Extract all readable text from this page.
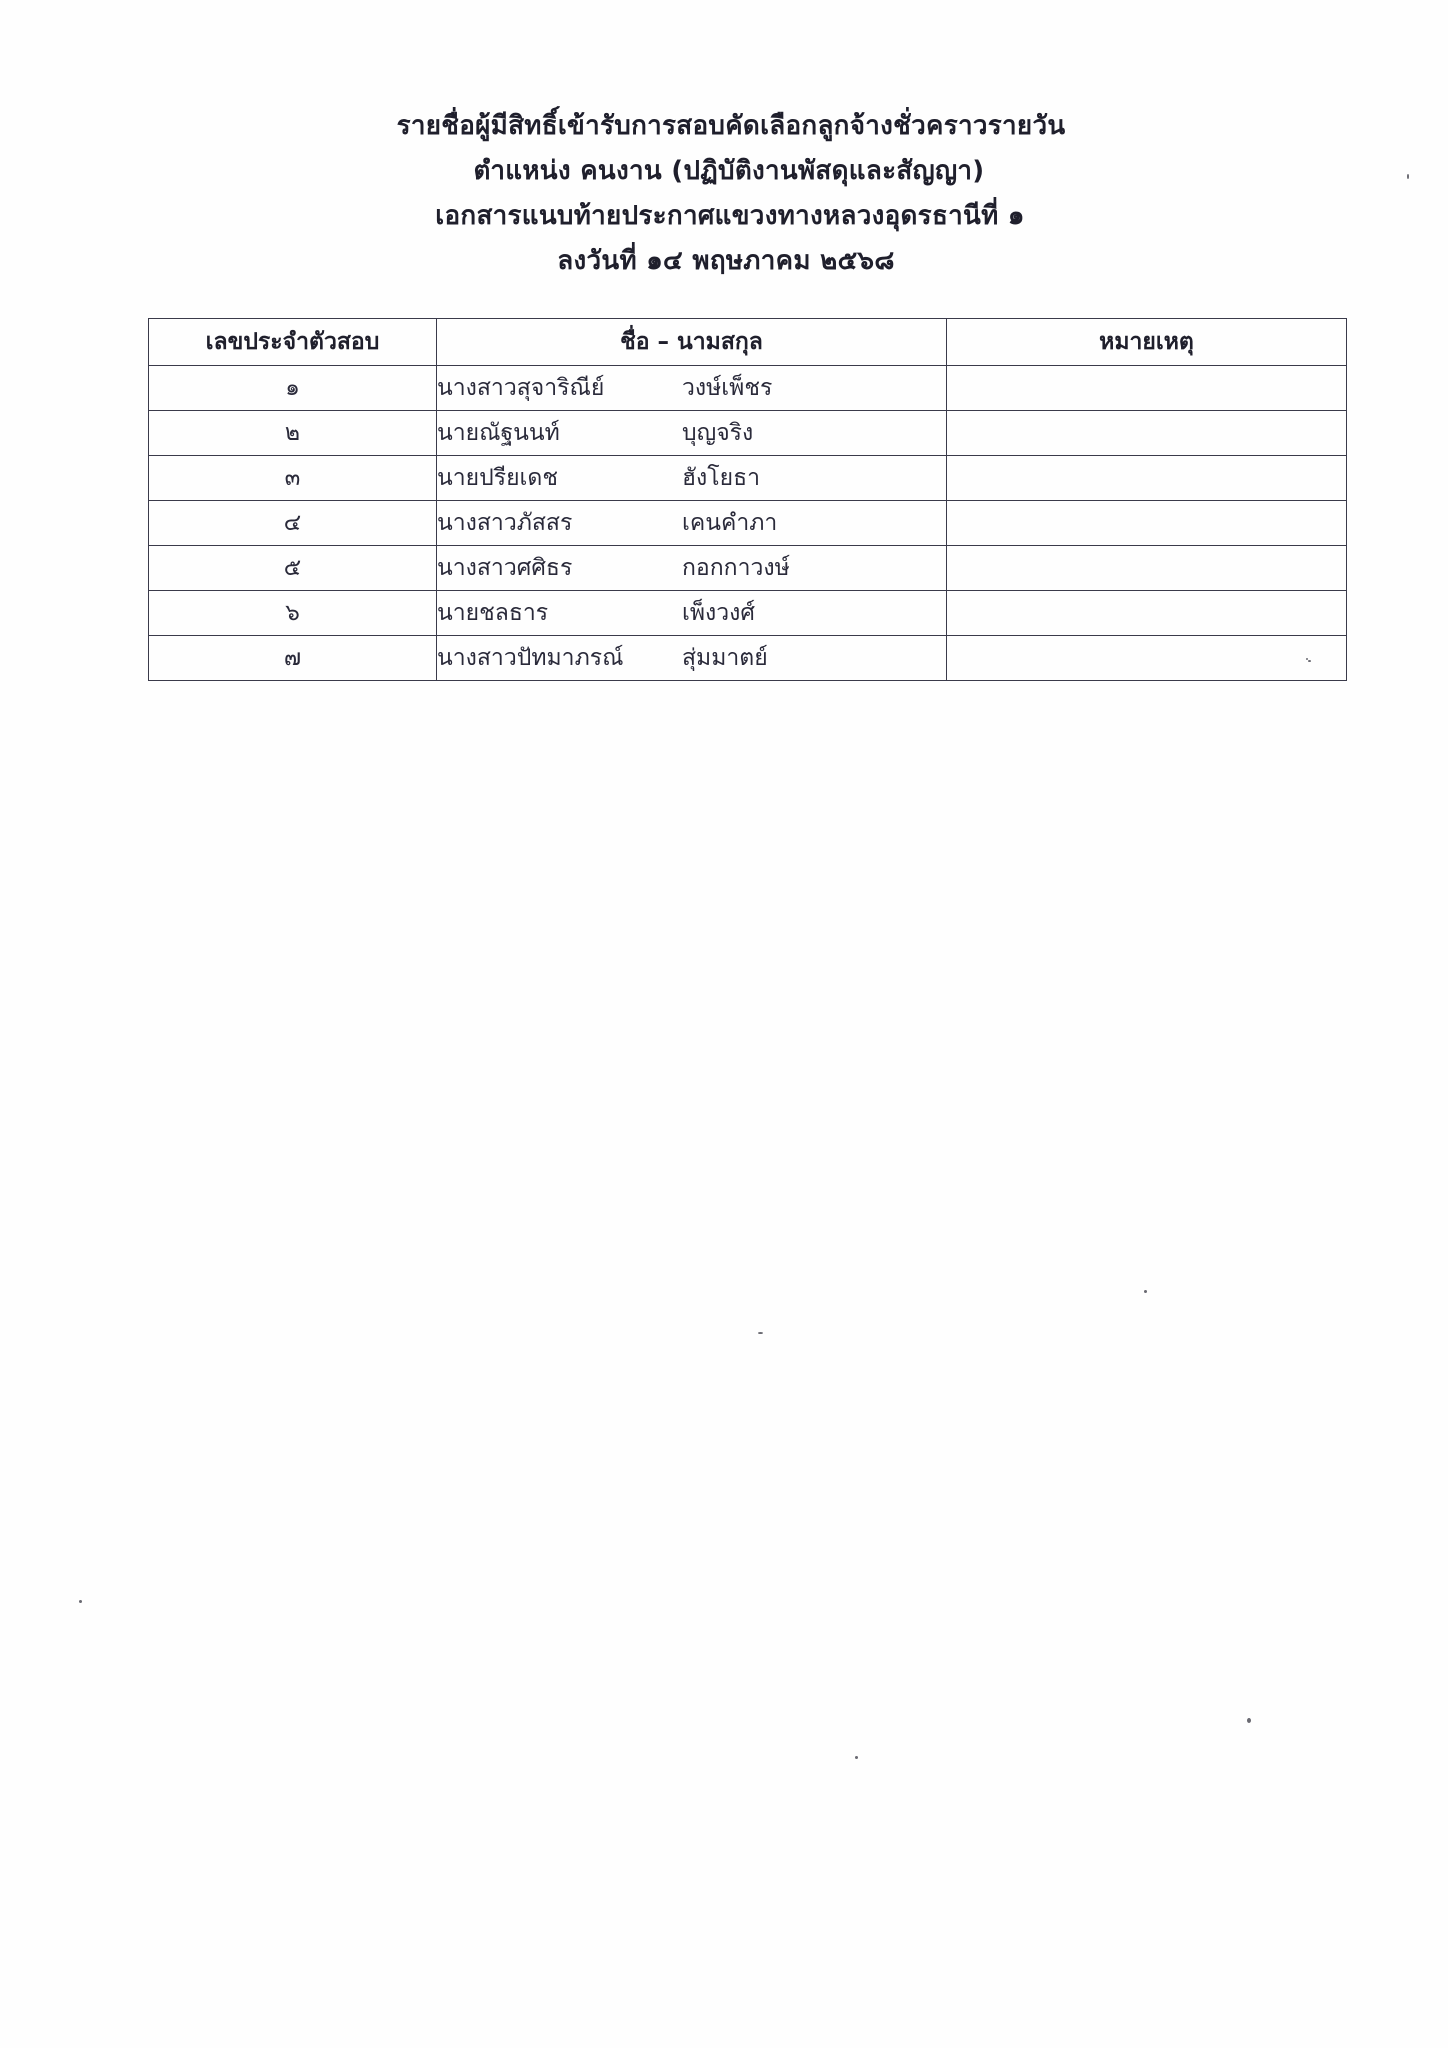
รายชื่อผู้มีสิทธิ์เข้ารับการสอบคัดเลือกลูกจ้างชั่วคราวรายวัน
ตำแหน่ง คนงาน (ปฏิบัติงานพัสดุและสัญญา)
เอกสารแนบท้ายประกาศแขวงทางหลวงอุดรธานีที่ ๑
ลงวันที่ ๑๔ พฤษภาคม ๒๕๖๘
เลขประจำตัวสอบ	ชื่อ – นามสกุล	หมายเหตุ
๑	นางสาวสุจาริณีย์ วงษ์เพ็ชร	
๒	นายณัฐนนท์ บุญจริง	
๓	นายปรียเดช ฮังโยธา	
๔	นางสาวภัสสร เคนคำภา	
๕	นางสาวศศิธร กอกกาวงษ์	
๖	นายชลธาร เพ็งวงศ์	
๗	นางสาวปัทมาภรณ์ สุ่มมาตย์	
